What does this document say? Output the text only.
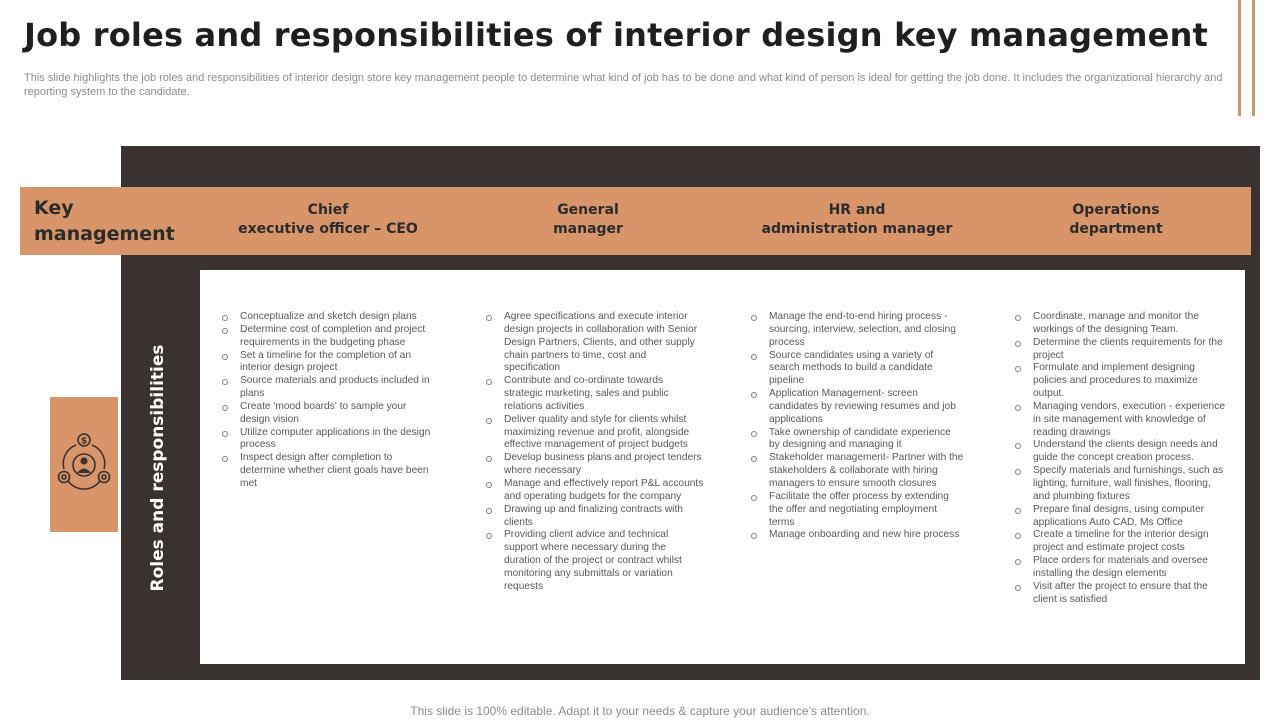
Job roles and responsibilities of interior design key management

This slide highlights the job roles and responsibilities of interior design store key management people to determine what kind of job has to be done and what kind of person is ideal for getting the job done. It includes the organizational hierarchy and reporting system to the candidate.

Key management
Chief
executive officer – CEO
General
manager
HR and
administration manager
Operations
department
Roles and responsibilities
$
Conceptualize and sketch design plans
Determine cost of completion and project requirements in the budgeting phase
Set a timeline for the completion of an interior design project
Source materials and products included in plans
Create 'mood boards' to sample your design vision
Utilize computer applications in the design process
Inspect design after completion to determine whether client goals have been met
Agree specifications and execute interior design projects in collaboration with Senior Design Partners, Clients, and other supply chain partners to time, cost and specification
Contribute and co-ordinate towards strategic marketing, sales and public relations activities
Deliver quality and style for clients whilst maximizing revenue and profit, alongside effective management of project budgets
Develop business plans and project tenders where necessary
Manage and effectively report P&L accounts and operating budgets for the company
Drawing up and finalizing contracts with clients
Providing client advice and technical support where necessary during the duration of the project or contract whilst monitoring any submittals or variation requests
Manage the end-to-end hiring process - sourcing, interview, selection, and closing process
Source candidates using a variety of search methods to build a candidate pipeline
Application Management- screen candidates by reviewing resumes and job applications
Take ownership of candidate experience by designing and managing it
Stakeholder management- Partner with the stakeholders & collaborate with hiring managers to ensure smooth closures
Facilitate the offer process by extending the offer and negotiating employment terms
Manage onboarding and new hire process
Coordinate, manage and monitor the workings of the designing Team.
Determine the clients requirements for the project
Formulate and implement designing policies and procedures to maximize output.
Managing vendors, execution - experience in site management with knowledge of reading drawings
Understand the clients design needs and guide the concept creation process.
Specify materials and furnishings, such as lighting, furniture, wall finishes, flooring, and plumbing fixtures
Prepare final designs, using computer applications Auto CAD, Ms Office
Create a timeline for the interior design project and estimate project costs
Place orders for materials and oversee installing the design elements
Visit after the project to ensure that the client is satisfied
This slide is 100% editable. Adapt it to your needs & capture your audience’s attention.
